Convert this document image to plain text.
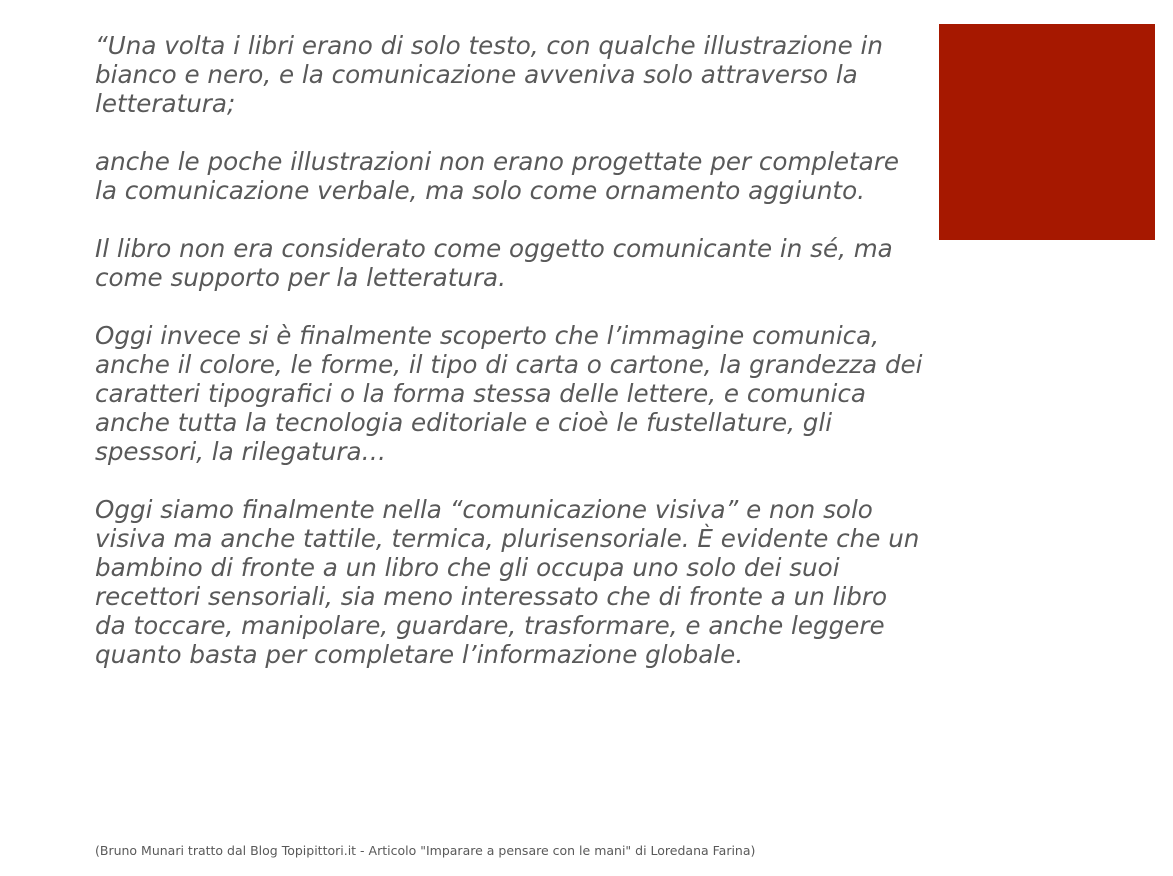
“Una volta i libri erano di solo testo, con qualche illustrazione in bianco e nero, e la comunicazione avveniva solo attraverso la letteratura;

anche le poche illustrazioni non erano progettate per completare la comunicazione verbale, ma solo come ornamento aggiunto.

Il libro non era considerato come oggetto comunicante in sé, ma come supporto per la letteratura.

Oggi invece si è finalmente scoperto che l’immagine comunica, anche il colore, le forme, il tipo di carta o cartone, la grandezza dei caratteri tipografici o la forma stessa delle lettere, e comunica anche tutta la tecnologia editoriale e cioè le fustellature, gli spessori, la rilegatura…

Oggi siamo finalmente nella “comunicazione visiva” e non solo visiva ma anche tattile, termica, plurisensoriale. È evidente che un bambino di fronte a un libro che gli occupa uno solo dei suoi recettori sensoriali, sia meno interessato che di fronte a un libro da toccare, manipolare, guardare, trasformare, e anche leggere quanto basta per completare l’informazione globale.

(Bruno Munari tratto dal Blog Topipittori.it - Articolo "Imparare a pensare con le mani" di Loredana Farina)
